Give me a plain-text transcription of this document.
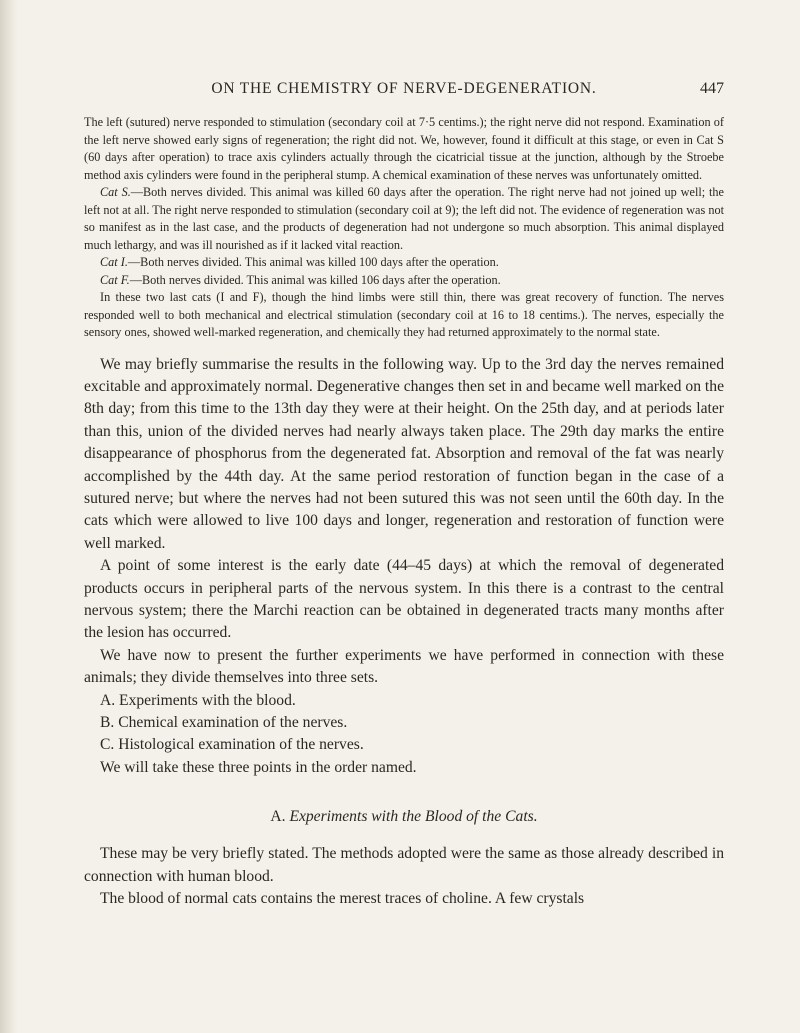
ON THE CHEMISTRY OF NERVE-DEGENERATION.	447

The left (sutured) nerve responded to stimulation (secondary coil at 7·5 centims.); the right nerve did not respond. Examination of the left nerve showed early signs of regeneration; the right did not. We, however, found it difficult at this stage, or even in Cat S (60 days after operation) to trace axis cylinders actually through the cicatricial tissue at the junction, although by the Stroebe method axis cylinders were found in the peripheral stump. A chemical examination of these nerves was unfortunately omitted.

Cat S.—Both nerves divided. This animal was killed 60 days after the operation. The right nerve had not joined up well; the left not at all. The right nerve responded to stimulation (secondary coil at 9); the left did not. The evidence of regeneration was not so manifest as in the last case, and the products of degeneration had not undergone so much absorption. This animal displayed much lethargy, and was ill nourished as if it lacked vital reaction.

Cat I.—Both nerves divided. This animal was killed 100 days after the operation.

Cat F.—Both nerves divided. This animal was killed 106 days after the operation.

In these two last cats (I and F), though the hind limbs were still thin, there was great recovery of function. The nerves responded well to both mechanical and electrical stimulation (secondary coil at 16 to 18 centims.). The nerves, especially the sensory ones, showed well-marked regeneration, and chemically they had returned approximately to the normal state.

We may briefly summarise the results in the following way. Up to the 3rd day the nerves remained excitable and approximately normal. Degenerative changes then set in and became well marked on the 8th day; from this time to the 13th day they were at their height. On the 25th day, and at periods later than this, union of the divided nerves had nearly always taken place. The 29th day marks the entire disappearance of phosphorus from the degenerated fat. Absorption and removal of the fat was nearly accomplished by the 44th day. At the same period restoration of function began in the case of a sutured nerve; but where the nerves had not been sutured this was not seen until the 60th day. In the cats which were allowed to live 100 days and longer, regeneration and restoration of function were well marked.

A point of some interest is the early date (44–45 days) at which the removal of degenerated products occurs in peripheral parts of the nervous system. In this there is a contrast to the central nervous system; there the Marchi reaction can be obtained in degenerated tracts many months after the lesion has occurred.

We have now to present the further experiments we have performed in connection with these animals; they divide themselves into three sets.

A. Experiments with the blood.

B. Chemical examination of the nerves.

C. Histological examination of the nerves.

We will take these three points in the order named.

A. Experiments with the Blood of the Cats.

These may be very briefly stated. The methods adopted were the same as those already described in connection with human blood.

The blood of normal cats contains the merest traces of choline. A few crystals
